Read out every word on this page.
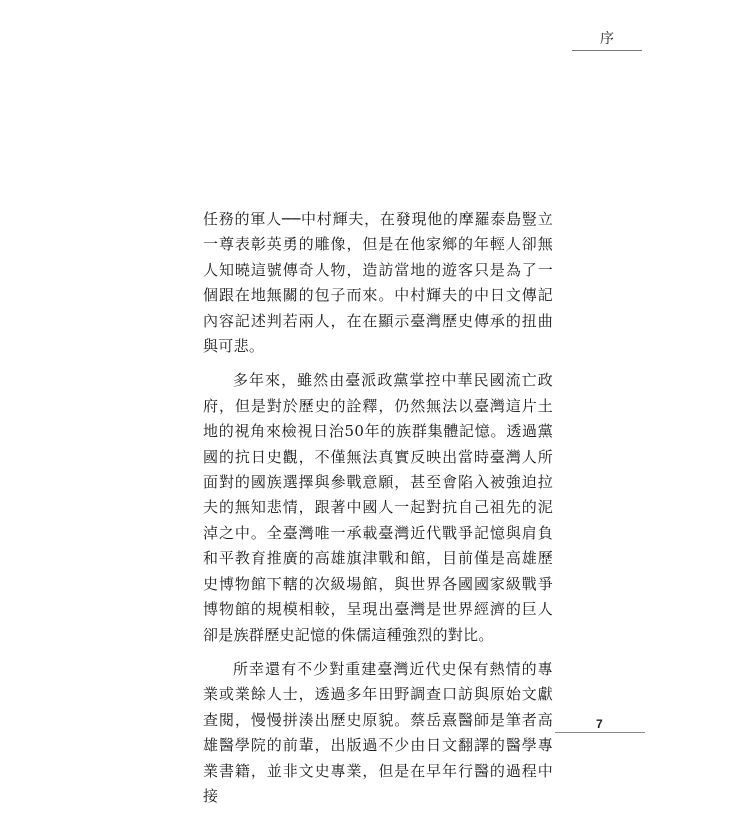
序

任務的軍人──中村輝夫，在發現他的摩羅泰島豎立一尊表彰英勇的雕像，但是在他家鄉的年輕人卻無人知曉這號傳奇人物，造訪當地的遊客只是為了一個跟在地無關的包子而來。中村輝夫的中日文傳記內容記述判若兩人，在在顯示臺灣歷史傳承的扭曲與可悲。

多年來，雖然由臺派政黨掌控中華民國流亡政府，但是對於歷史的詮釋，仍然無法以臺灣這片土地的視角來檢視日治50年的族群集體記憶。透過黨國的抗日史觀，不僅無法真實反映出當時臺灣人所面對的國族選擇與參戰意願，甚至會陷入被強迫拉夫的無知悲情，跟著中國人一起對抗自己祖先的泥淖之中。全臺灣唯一承載臺灣近代戰爭記憶與肩負和平教育推廣的高雄旗津戰和館，目前僅是高雄歷史博物館下轄的次級場館，與世界各國國家級戰爭博物館的規模相較，呈現出臺灣是世界經濟的巨人卻是族群歷史記憶的侏儒這種強烈的對比。

所幸還有不少對重建臺灣近代史保有熱情的專業或業餘人士，透過多年田野調查口訪與原始文獻查閱，慢慢拼湊出歷史原貌。蔡岳熹醫師是筆者高雄醫學院的前輩，出版過不少由日文翻譯的醫學專業書籍，並非文史專業，但是在早年行醫的過程中接

7
